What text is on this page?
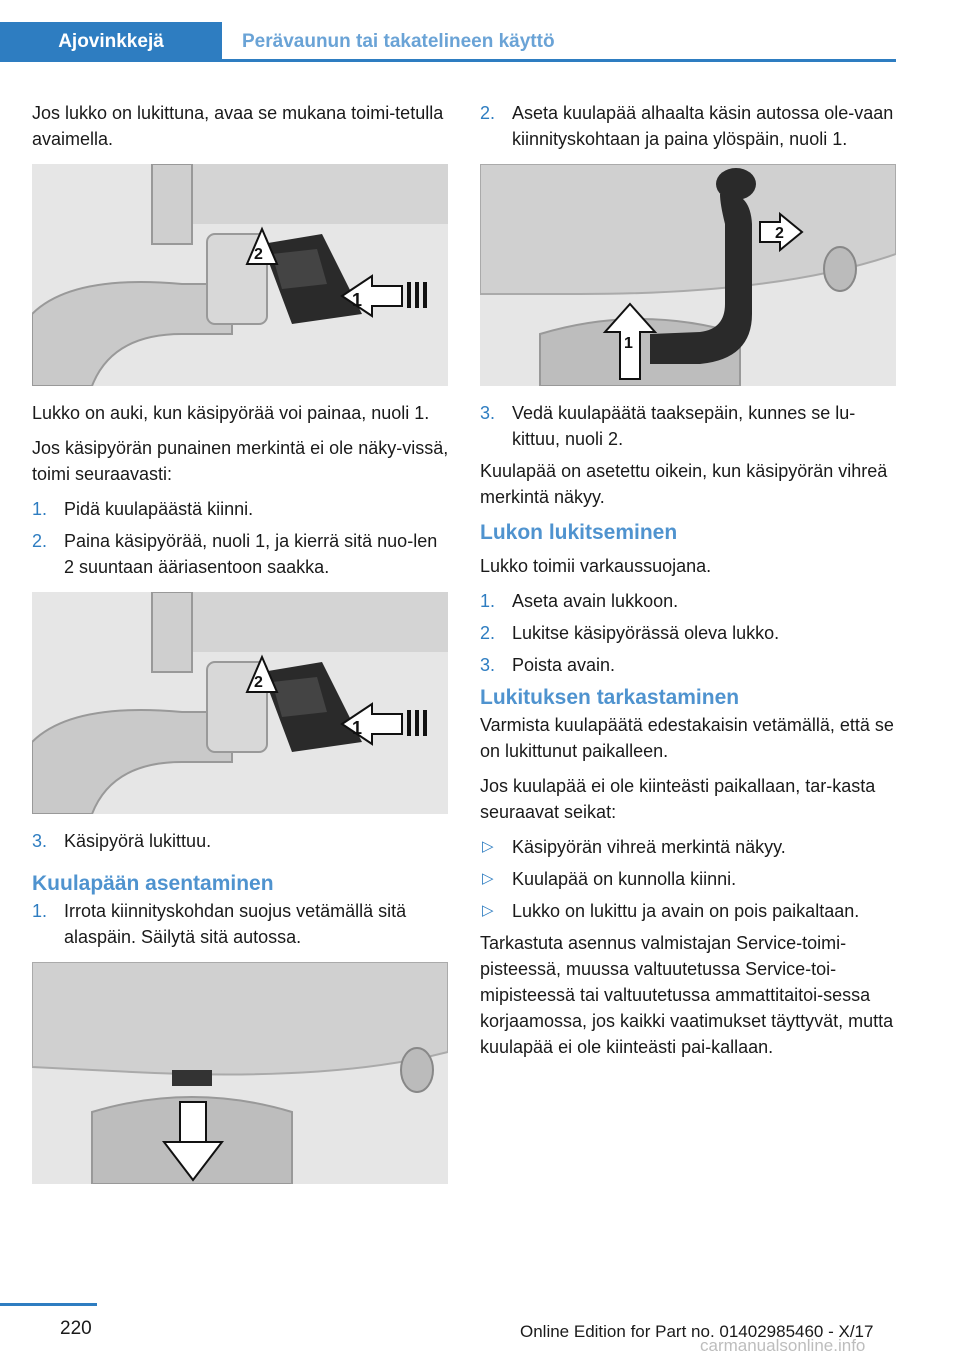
Ajovinkkejä	Perävaunun tai takatelineen käyttö

Jos lukko on lukittuna, avaa se mukana toimi-tetulla avaimella.

1
2

Lukko on auki, kun käsipyörää voi painaa, nuoli 1.

Jos käsipyörän punainen merkintä ei ole näky-vissä, toimi seuraavasti:

1. Pidä kuulapäästä kiinni.
2. Paina käsipyörää, nuoli 1, ja kierrä sitä nuo-len 2 suuntaan ääriasentoon saakka.
1
2
3. Käsipyörä lukittuu.
Kuulapään asentaminen
1. Irrota kiinnityskohdan suojus vetämällä sitä alaspäin. Säilytä sitä autossa.
2. Aseta kuulapää alhaalta käsin autossa ole-vaan kiinnityskohtaan ja paina ylöspäin, nuoli 1.
2
1
3. Vedä kuulapäätä taaksepäin, kunnes se lu-kittuu, nuoli 2.

Kuulapää on asetettu oikein, kun käsipyörän vihreä merkintä näkyy.

Lukon lukitseminen

Lukko toimii varkaussuojana.

1. Aseta avain lukkoon.
2. Lukitse käsipyörässä oleva lukko.
3. Poista avain.
Lukituksen tarkastaminen

Varmista kuulapäätä edestakaisin vetämällä, että se on lukittunut paikalleen.

Jos kuulapää ei ole kiinteästi paikallaan, tar-kasta seuraavat seikat:

▷ Käsipyörän vihreä merkintä näkyy.
▷ Kuulapää on kunnolla kiinni.
▷ Lukko on lukittu ja avain on pois paikaltaan.

Tarkastuta asennus valmistajan Service-toimi-pisteessä, muussa valtuutetussa Service-toi-mipisteessä tai valtuutetussa ammattitaitoi-sessa korjaamossa, jos kaikki vaatimukset täyttyvät, mutta kuulapää ei ole kiinteästi pai-kallaan.

220	Online Edition for Part no. 01402985460 - X/17
carmanualsonline.info
